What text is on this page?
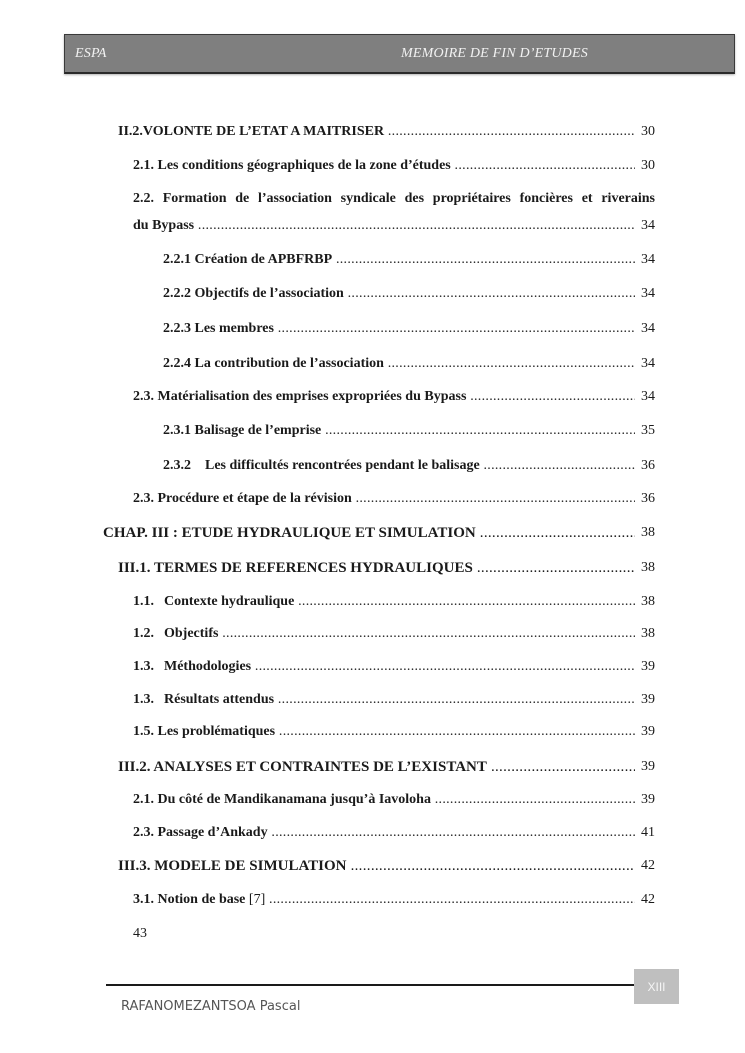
ESPA	MEMOIRE DE FIN D’ETUDES
II.2.VOLONTE DE L’ETAT A MAITRISER .....	30
2.1. Les conditions géographiques de la zone d’études .....	30
2.2. Formation de l’association syndicale des propriétaires foncières et riverains
du Bypass .....	34
2.2.1 Création de APBFRBP .....	34
2.2.2 Objectifs de l’association .....	34
2.2.3 Les membres .....	34
2.2.4 La contribution de l’association .....	34
2.3. Matérialisation des emprises expropriées du Bypass .....	34
2.3.1 Balisage de l’emprise .....	35
2.3.2 Les difficultés rencontrées pendant le balisage .....	36
2.3. Procédure et étape de la révision .....	36
CHAP. III : ETUDE HYDRAULIQUE ET SIMULATION .....	38
III.1. TERMES DE REFERENCES HYDRAULIQUES .....	38
1.1. Contexte hydraulique .....	38
1.2. Objectifs .....	38
1.3. Méthodologies .....	39
1.3. Résultats attendus .....	39
1.5. Les problématiques .....	39
III.2. ANALYSES ET CONTRAINTES DE L’EXISTANT .....	39
2.1. Du côté de Mandikanamana jusqu’à Iavoloha .....	39
2.3. Passage d’Ankady .....	41
III.3. MODELE DE SIMULATION .....	42
3.1. Notion de base [7] .....	42
43
XIII
RAFANOMEZANTSOA Pascal
